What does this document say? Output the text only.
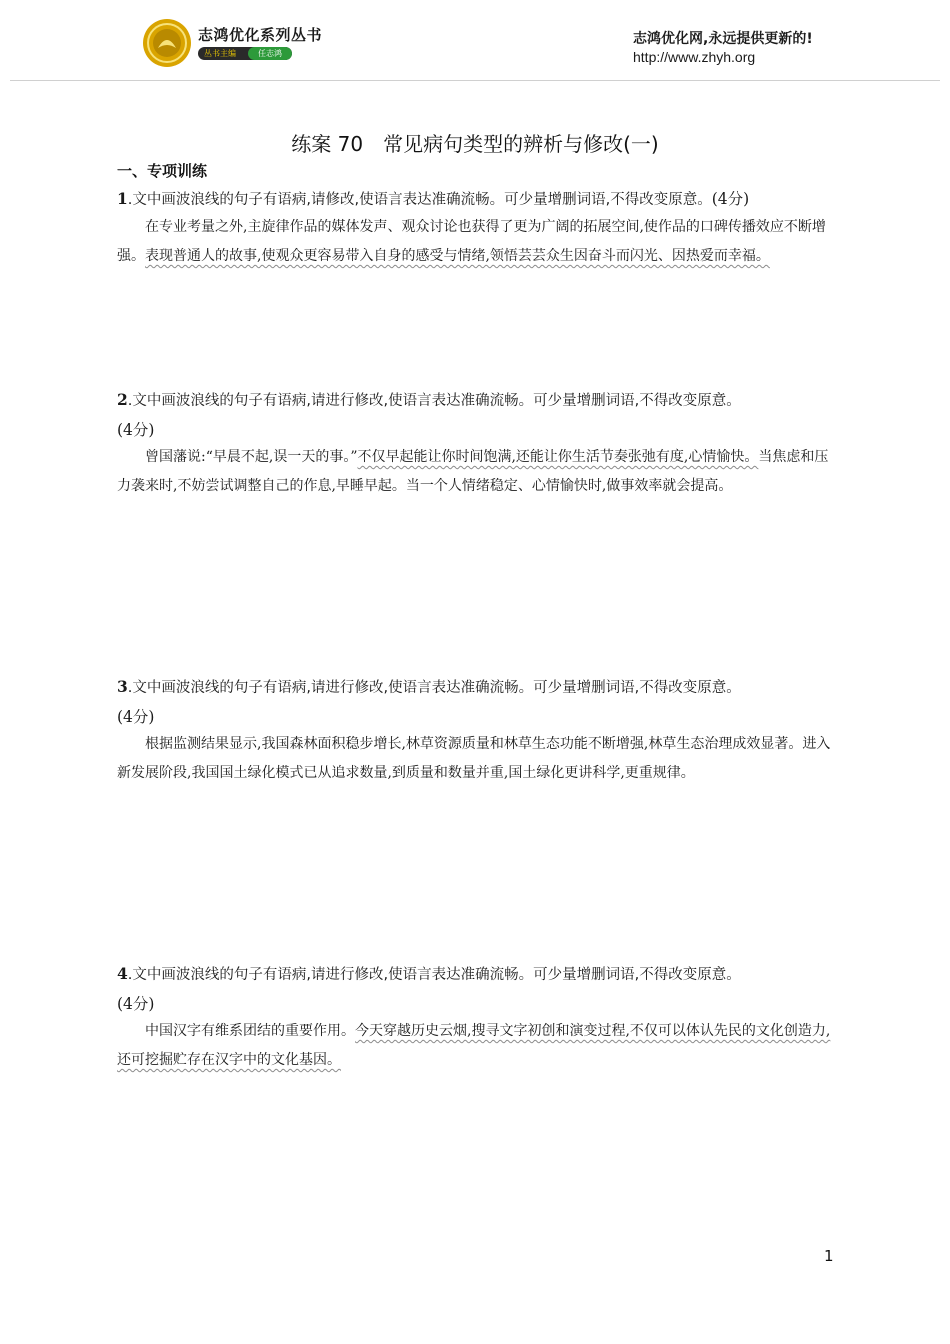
志鸿优化系列丛书
丛书主编	任志鸿
志鸿优化网,永远提供更新的!
http://www.zhyh.org
练案 70　常见病句类型的辨析与修改(一)
一、专项训练
1.文中画波浪线的句子有语病,请修改,使语言表达准确流畅。可少量增删词语,不得改变原意。(4分)
在专业考量之外,主旋律作品的媒体发声、观众讨论也获得了更为广阔的拓展空间,使作品的口碑传播效应不断增强。表现普通人的故事,使观众更容易带入自身的感受与情绪,领悟芸芸众生因奋斗而闪光、因热爱而幸福。
2.文中画波浪线的句子有语病,请进行修改,使语言表达准确流畅。可少量增删词语,不得改变原意。
(4分)
曾国藩说:“早晨不起,误一天的事。”不仅早起能让你时间饱满,还能让你生活节奏张弛有度,心情愉快。当焦虑和压力袭来时,不妨尝试调整自己的作息,早睡早起。当一个人情绪稳定、心情愉快时,做事效率就会提高。
3.文中画波浪线的句子有语病,请进行修改,使语言表达准确流畅。可少量增删词语,不得改变原意。
(4分)
根据监测结果显示,我国森林面积稳步增长,林草资源质量和林草生态功能不断增强,林草生态治理成效显著。进入新发展阶段,我国国土绿化模式已从追求数量,到质量和数量并重,国土绿化更讲科学,更重规律。
4.文中画波浪线的句子有语病,请进行修改,使语言表达准确流畅。可少量增删词语,不得改变原意。
(4分)
中国汉字有维系团结的重要作用。今天穿越历史云烟,搜寻文字初创和演变过程,不仅可以体认先民的文化创造力,还可挖掘贮存在汉字中的文化基因。
1
